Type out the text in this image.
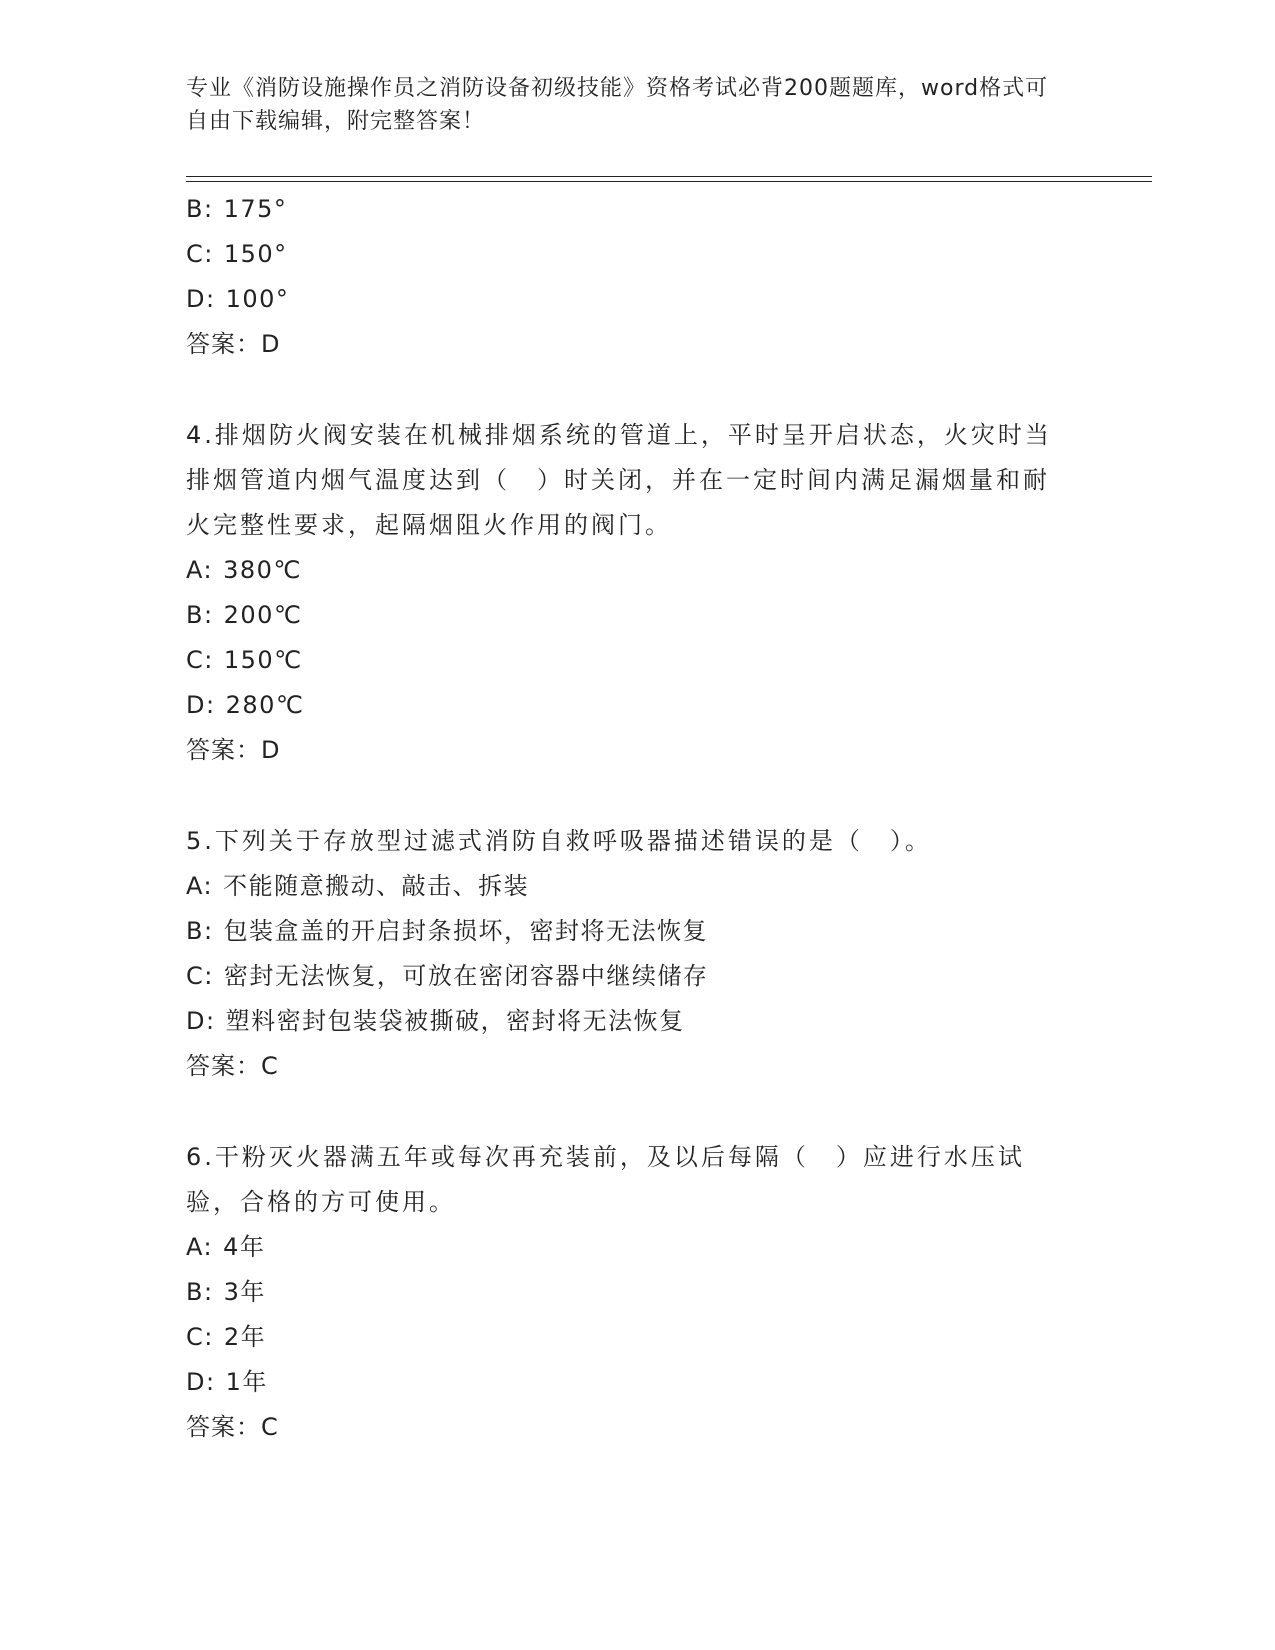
专业《消防设施操作员之消防设备初级技能》资格考试必背200题题库，word格式可自由下载编辑，附完整答案！
B: 175°
C: 150°
D: 100°
答案：D
4.排烟防火阀安装在机械排烟系统的管道上，平时呈开启状态，火灾时当排烟管道内烟气温度达到（　）时关闭，并在一定时间内满足漏烟量和耐火完整性要求，起隔烟阻火作用的阀门。
A: 380℃
B: 200℃
C: 150℃
D: 280℃
答案：D
5.下列关于存放型过滤式消防自救呼吸器描述错误的是（　）。
A: 不能随意搬动、敲击、拆装
B: 包装盒盖的开启封条损坏，密封将无法恢复
C: 密封无法恢复，可放在密闭容器中继续储存
D: 塑料密封包装袋被撕破，密封将无法恢复
答案：C
6.干粉灭火器满五年或每次再充装前，及以后每隔（　）应进行水压试验，合格的方可使用。
A: 4年
B: 3年
C: 2年
D: 1年
答案：C
